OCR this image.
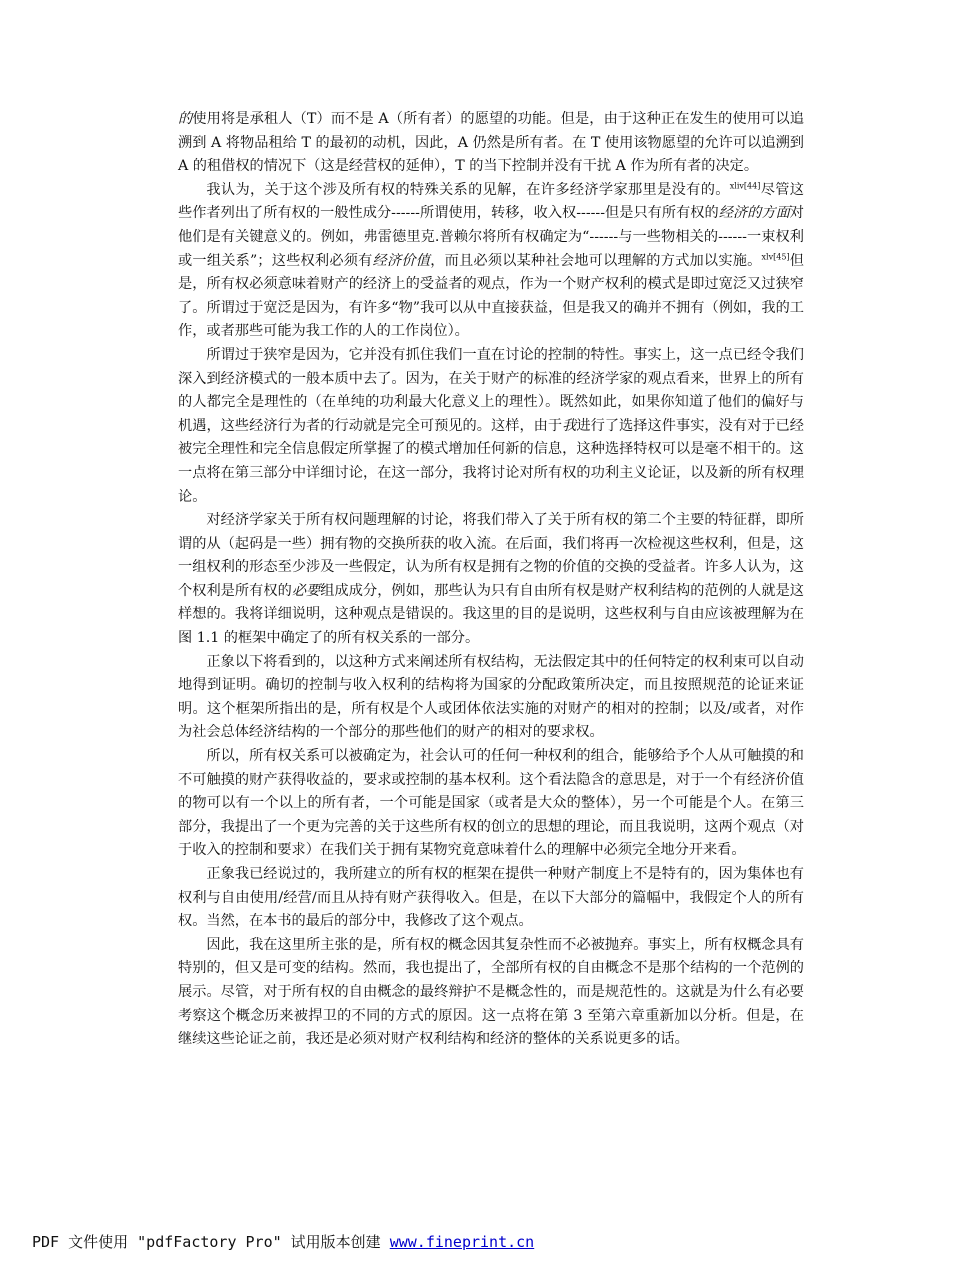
的使用将是承租人（T）而不是 A（所有者）的愿望的功能。但是，由于这种正在发生的使用可以追溯到 A 将物品租给 T 的最初的动机，因此，A 仍然是所有者。在 T 使用该物愿望的允许可以追溯到 A 的租借权的情况下（这是经营权的延伸），T 的当下控制并没有干扰 A 作为所有者的决定。

我认为，关于这个涉及所有权的特殊关系的见解，在许多经济学家那里是没有的。$^{xliv[44]}$尽管这些作者列出了所有权的一般性成分------所谓使用，转移，收入权------但是只有所有权的经济的方面对他们是有关键意义的。例如，弗雷德里克.普赖尔将所有权确定为“------与一些物相关的------一束权利或一组关系”；这些权利必须有经济价值，而且必须以某种社会地可以理解的方式加以实施。$^{xlv[45]}$但是，所有权必须意味着财产的经济上的受益者的观点，作为一个财产权利的模式是即过宽泛又过狭窄了。所谓过于宽泛是因为，有许多“物”我可以从中直接获益，但是我又的确并不拥有（例如，我的工作，或者那些可能为我工作的人的工作岗位）。

所谓过于狭窄是因为，它并没有抓住我们一直在讨论的控制的特性。事实上，这一点已经令我们深入到经济模式的一般本质中去了。因为，在关于财产的标准的经济学家的观点看来，世界上的所有的人都完全是理性的（在单纯的功利最大化意义上的理性）。既然如此，如果你知道了他们的偏好与机遇，这些经济行为者的行动就是完全可预见的。这样，由于我进行了选择这件事实，没有对于已经被完全理性和完全信息假定所掌握了的模式增加任何新的信息，这种选择特权可以是毫不相干的。这一点将在第三部分中详细讨论，在这一部分，我将讨论对所有权的功利主义论证，以及新的所有权理论。

对经济学家关于所有权问题理解的讨论，将我们带入了关于所有权的第二个主要的特征群，即所谓的从（起码是一些）拥有物的交换所获的收入流。在后面，我们将再一次检视这些权利，但是，这一组权利的形态至少涉及一些假定，认为所有权是拥有之物的价值的交换的受益者。许多人认为，这个权利是所有权的必要组成成分，例如，那些认为只有自由所有权是财产权利结构的范例的人就是这样想的。我将详细说明，这种观点是错误的。我这里的目的是说明，这些权利与自由应该被理解为在图 1.1 的框架中确定了的所有权关系的一部分。

正象以下将看到的，以这种方式来阐述所有权结构，无法假定其中的任何特定的权利束可以自动地得到证明。确切的控制与收入权利的结构将为国家的分配政策所决定，而且按照规范的论证来证明。这个框架所指出的是，所有权是个人或团体依法实施的对财产的相对的控制；以及/或者，对作为社会总体经济结构的一个部分的那些他们的财产的相对的要求权。

所以，所有权关系可以被确定为，社会认可的任何一种权利的组合，能够给予个人从可触摸的和不可触摸的财产获得收益的，要求或控制的基本权利。这个看法隐含的意思是，对于一个有经济价值的物可以有一个以上的所有者，一个可能是国家（或者是大众的整体），另一个可能是个人。在第三部分，我提出了一个更为完善的关于这些所有权的创立的思想的理论，而且我说明，这两个观点（对于收入的控制和要求）在我们关于拥有某物究竟意味着什么的理解中必须完全地分开来看。

正象我已经说过的，我所建立的所有权的框架在提供一种财产制度上不是特有的，因为集体也有权利与自由使用/经营/而且从持有财产获得收入。但是，在以下大部分的篇幅中，我假定个人的所有权。当然，在本书的最后的部分中，我修改了这个观点。

因此，我在这里所主张的是，所有权的概念因其复杂性而不必被抛弃。事实上，所有权概念具有特别的，但又是可变的结构。然而，我也提出了，全部所有权的自由概念不是那个结构的一个范例的展示。尽管，对于所有权的自由概念的最终辩护不是概念性的，而是规范性的。这就是为什么有必要考察这个概念历来被捍卫的不同的方式的原因。这一点将在第 3 至第六章重新加以分析。但是，在继续这些论证之前，我还是必须对财产权利结构和经济的整体的关系说更多的话。

PDF 文件使用 "pdfFactory Pro" 试用版本创建 www.fineprint.cn
